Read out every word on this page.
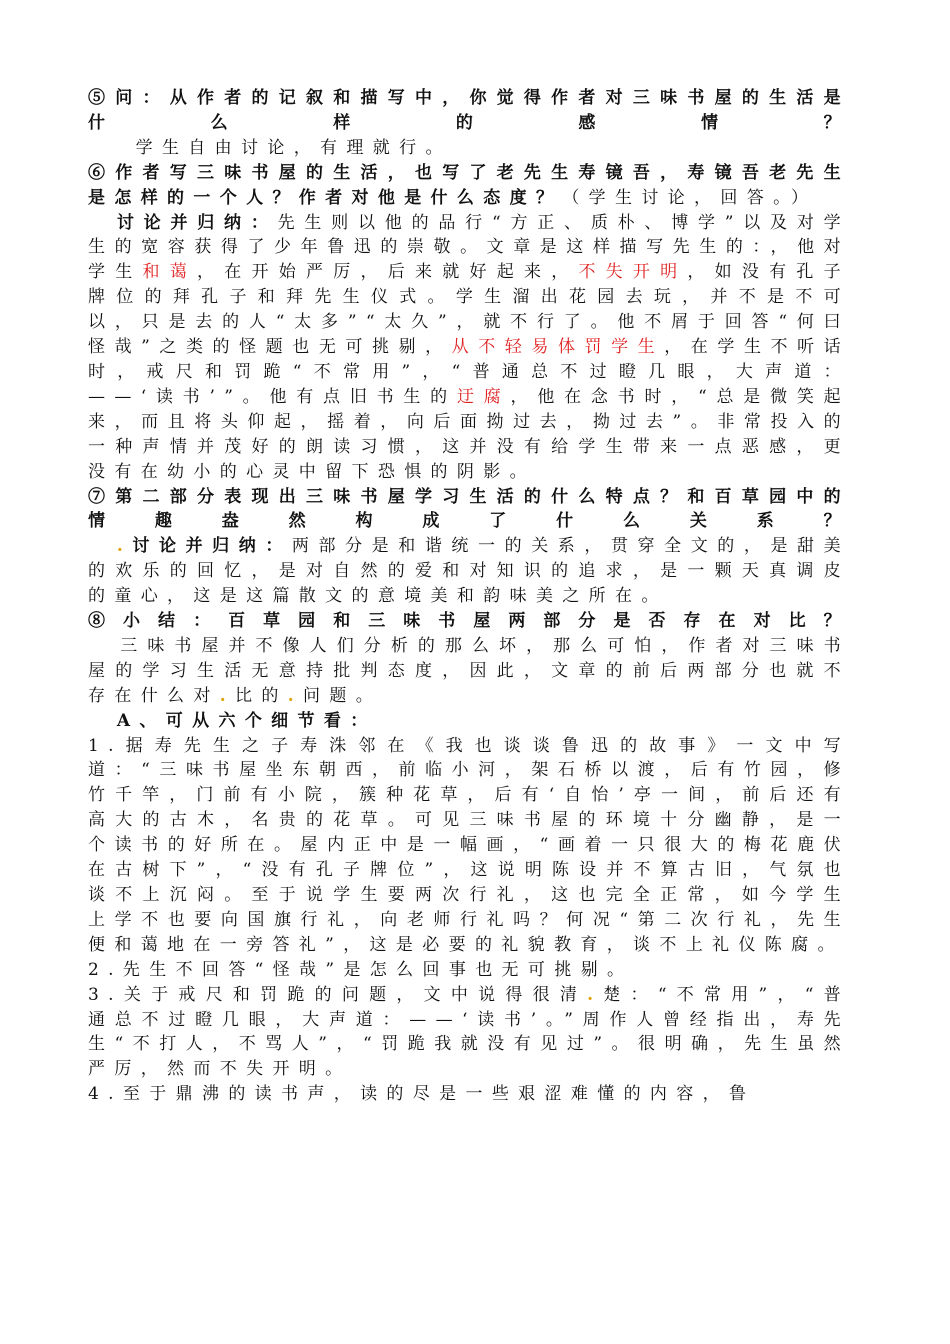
⑤问：从作者的记叙和描写中，你觉得作者对三味书屋的生活是什么样的感情？

学生自由讨论，有理就行。

⑥作者写三味书屋的生活，也写了老先生寿镜吾，寿镜吾老先生是怎样的一个人？作者对他是什么态度？（学生讨论，回答。）

讨论并归纳：先生则以他的品行“方正、质朴、博学”以及对学生的宽容获得了少年鲁迅的崇敬。文章是这样描写先生的：，他对学生和蔼，在开始严厉，后来就好起来，不失开明，如没有孔子牌位的拜孔子和拜先生仪式。学生溜出花园去玩，并不是不可以，只是去的人“太多”“太久”，就不行了。他不屑于回答“何曰怪哉”之类的怪题也无可挑剔，从不轻易体罚学生，在学生不听话时，戒尺和罚跪“不常用”，“普通总不过瞪几眼，大声道：——‘读书’”。他有点旧书生的迂腐，他在念书时，“总是微笑起来，而且将头仰起，摇着，向后面拗过去，拗过去”。非常投入的一种声情并茂好的朗读习惯，这并没有给学生带来一点恶感，更没有在幼小的心灵中留下恐惧的阴影。

⑦第二部分表现出三味书屋学习生活的什么特点？和百草园中的情趣盎然构成了什么关系？

.讨论并归纳：两部分是和谐统一的关系，贯穿全文的，是甜美的欢乐的回忆，是对自然的爱和对知识的追求，是一颗天真调皮的童心，这是这篇散文的意境美和韵味美之所在。

⑧小结：百草园和三味书屋两部分是否存在对比？

三味书屋并不像人们分析的那么坏，那么可怕，作者对三味书屋的学习生活无意持批判态度，因此，文章的前后两部分也就不存在什么对.比的.问题。

A、可从六个细节看：

1.据寿先生之子寿洙邻在《我也谈谈鲁迅的故事》一文中写道：“三味书屋坐东朝西，前临小河，架石桥以渡，后有竹园，修竹千竿，门前有小院，簇种花草，后有‘自怡’亭一间，前后还有高大的古木，名贵的花草。可见三味书屋的环境十分幽静，是一个读书的好所在。屋内正中是一幅画，“画着一只很大的梅花鹿伏在古树下”，“没有孔子牌位”，这说明陈设并不算古旧，气氛也谈不上沉闷。至于说学生要两次行礼，这也完全正常，如今学生上学不也要向国旗行礼，向老师行礼吗？何况“第二次行礼，先生便和蔼地在一旁答礼”，这是必要的礼貌教育，谈不上礼仪陈腐。

2.先生不回答“怪哉”是怎么回事也无可挑剔。

3.关于戒尺和罚跪的问题，文中说得很清.楚：“不常用”，“普通总不过瞪几眼，大声道：——‘读书’。”周作人曾经指出，寿先生“不打人，不骂人”，“罚跪我就没有见过”。很明确，先生虽然严厉，然而不失开明。

4.至于鼎沸的读书声，读的尽是一些艰涩难懂的内容，鲁
